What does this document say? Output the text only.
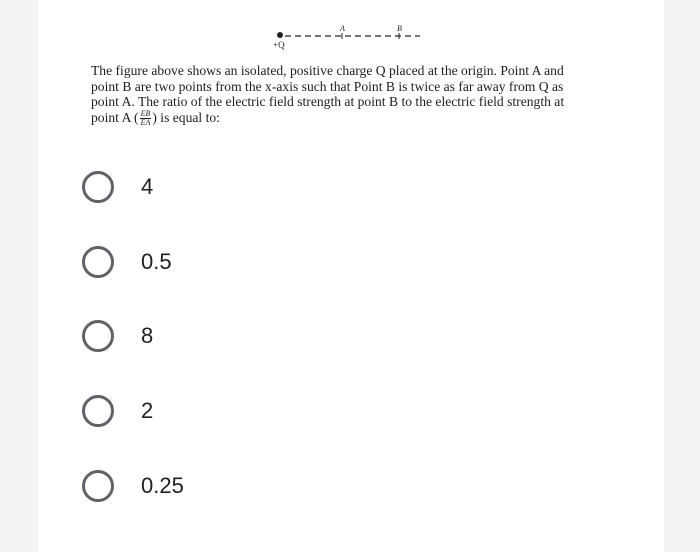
+Q
A	B
The figure above shows an isolated, positive charge Q placed at the origin. Point A and point B are two points from the x-axis such that Point B is twice as far away from Q as point A. The ratio of the electric field strength at point B to the electric field strength at point A ( $\frac{EB}{EA}$ ) is equal to:
4
0.5
8
2
0.25
